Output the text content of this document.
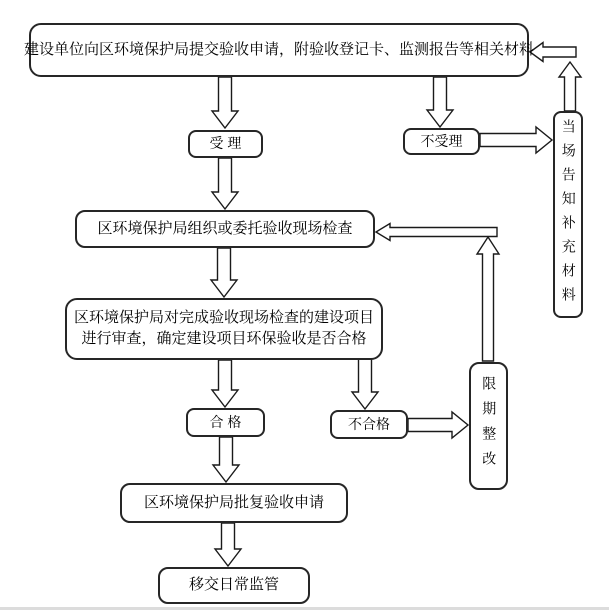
建设单位向区环境保护局提交验收申请，附验收登记卡、监测报告等相关材料
受 理	不受理	当场告知补充材料
区环境保护局组织或委托验收现场检查
区环境保护局对完成验收现场检查的建设项目
进行审查，确定建设项目环保验收是否合格
合 格	不合格	限期整改
区环境保护局批复验收申请
移交日常监管
